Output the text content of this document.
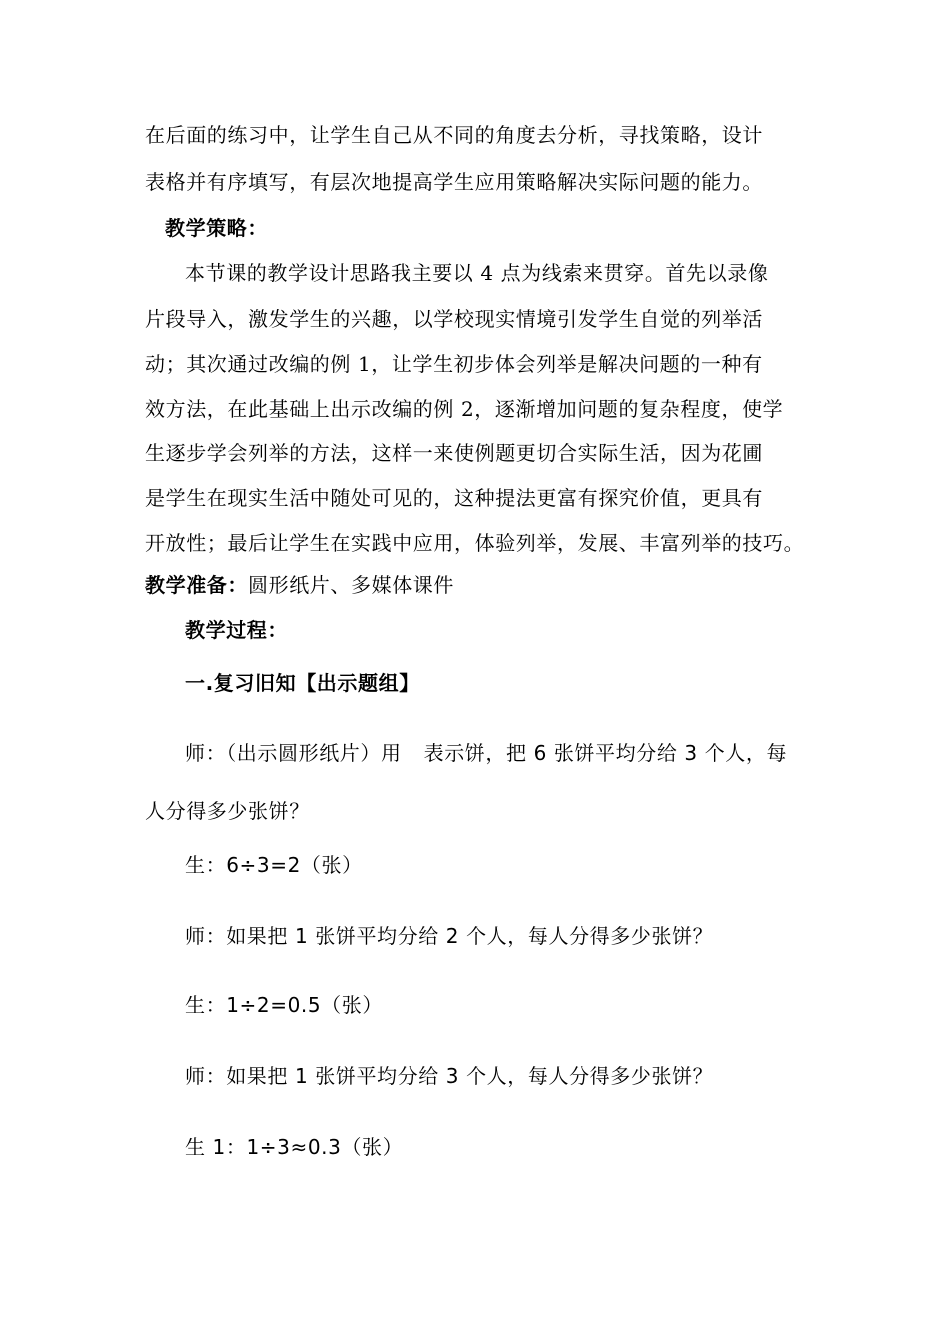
在后面的练习中，让学生自己从不同的角度去分析，寻找策略，设计
表格并有序填写，有层次地提高学生应用策略解决实际问题的能力。
教学策略：
本节课的教学设计思路我主要以 4 点为线索来贯穿。首先以录像
片段导入，激发学生的兴趣，以学校现实情境引发学生自觉的列举活
动；其次通过改编的例 1，让学生初步体会列举是解决问题的一种有
效方法，在此基础上出示改编的例 2，逐渐增加问题的复杂程度，使学
生逐步学会列举的方法，这样一来使例题更切合实际生活，因为花圃
是学生在现实生活中随处可见的，这种提法更富有探究价值，更具有
开放性；最后让学生在实践中应用，体验列举，发展、丰富列举的技巧。
教学准备：圆形纸片、多媒体课件
教学过程：
一.复习旧知【出示题组】
师：（出示圆形纸片）用 表示饼，把 6 张饼平均分给 3 个人，每
人分得多少张饼？
生：6÷3=2（张）
师：如果把 1 张饼平均分给 2 个人，每人分得多少张饼？
生：1÷2=0.5（张）
师：如果把 1 张饼平均分给 3 个人，每人分得多少张饼？
生 1：1÷3≈0.3（张）
